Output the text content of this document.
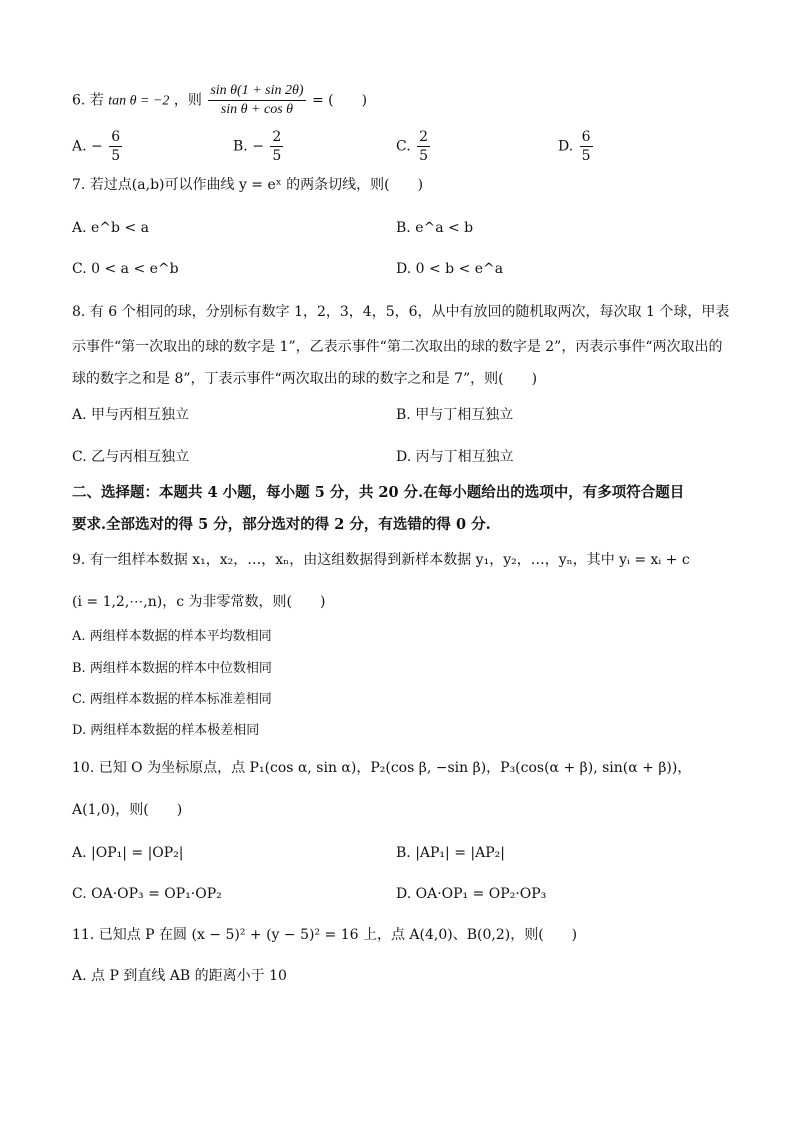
6. 若 tan θ = −2 ，则 $\frac{\text{sin θ(1 + sin 2θ)}}{\text{sin θ + cos θ}}$ = (　　)
A. − $\frac{6}{5}$	B. − $\frac{2}{5}$	C. $\frac{2}{5}$	D. $\frac{6}{5}$
7. 若过点(a,b)可以作曲线 y = eˣ 的两条切线，则(　　)
A. e^b < a	B. e^a < b
C. 0 < a < e^b	D. 0 < b < e^a
8. 有 6 个相同的球，分别标有数字 1，2，3，4，5，6，从中有放回的随机取两次，每次取 1 个球，甲表
示事件“第一次取出的球的数字是 1”，乙表示事件“第二次取出的球的数字是 2”，丙表示事件“两次取出的
球的数字之和是 8”，丁表示事件“两次取出的球的数字之和是 7”，则(　　)
A. 甲与丙相互独立	B. 甲与丁相互独立
C. 乙与丙相互独立	D. 丙与丁相互独立
二、选择题：本题共 4 小题，每小题 5 分，共 20 分.在每小题给出的选项中，有多项符合题目
要求.全部选对的得 5 分，部分选对的得 2 分，有选错的得 0 分.
9. 有一组样本数据 x₁，x₂，…，xₙ，由这组数据得到新样本数据 y₁，y₂，…，yₙ，其中 yᵢ = xᵢ + c
(i = 1,2,⋯,n)，c 为非零常数，则(　　)
A. 两组样本数据的样本平均数相同
B. 两组样本数据的样本中位数相同
C. 两组样本数据的样本标准差相同
D. 两组样本数据的样本极差相同
10. 已知 O 为坐标原点，点 P₁(cos α, sin α)，P₂(cos β, −sin β)，P₃(cos(α + β), sin(α + β))，
A(1,0)，则(　　)
A. |OP₁| = |OP₂|	B. |AP₁| = |AP₂|
C. OA·OP₃ = OP₁·OP₂	D. OA·OP₁ = OP₂·OP₃
11. 已知点 P 在圆 (x − 5)² + (y − 5)² = 16 上，点 A(4,0)、B(0,2)，则(　　)
A. 点 P 到直线 AB 的距离小于 10
